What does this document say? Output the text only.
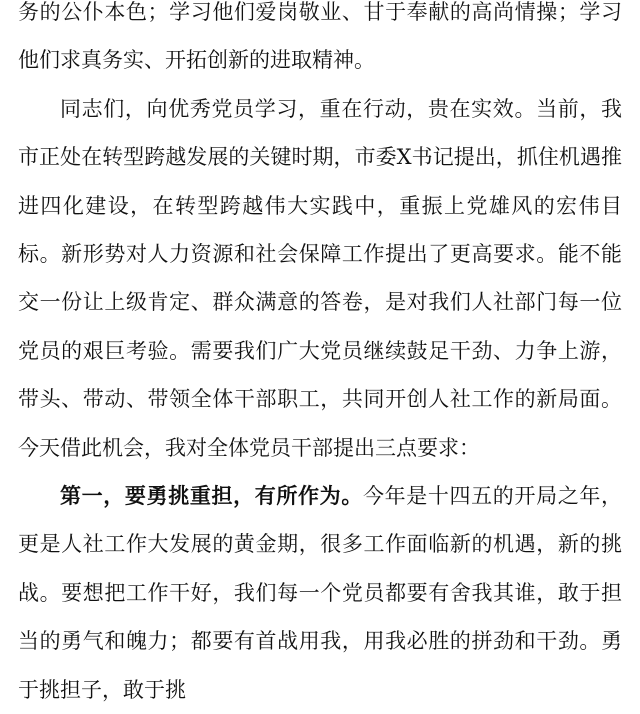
务的公仆本色；学习他们爱岗敬业、甘于奉献的高尚情操；学习他们求真务实、开拓创新的进取精神。

同志们，向优秀党员学习，重在行动，贵在实效。当前，我市正处在转型跨越发展的关键时期，市委X书记提出，抓住机遇推进四化建设，在转型跨越伟大实践中，重振上党雄风的宏伟目标。新形势对人力资源和社会保障工作提出了更高要求。能不能交一份让上级肯定、群众满意的答卷，是对我们人社部门每一位党员的艰巨考验。需要我们广大党员继续鼓足干劲、力争上游，带头、带动、带领全体干部职工，共同开创人社工作的新局面。今天借此机会，我对全体党员干部提出三点要求：

第一，要勇挑重担，有所作为。今年是十四五的开局之年，更是人社工作大发展的黄金期，很多工作面临新的机遇，新的挑战。要想把工作干好，我们每一个党员都要有舍我其谁，敢于担当的勇气和魄力；都要有首战用我，用我必胜的拼劲和干劲。勇于挑担子，敢于挑
